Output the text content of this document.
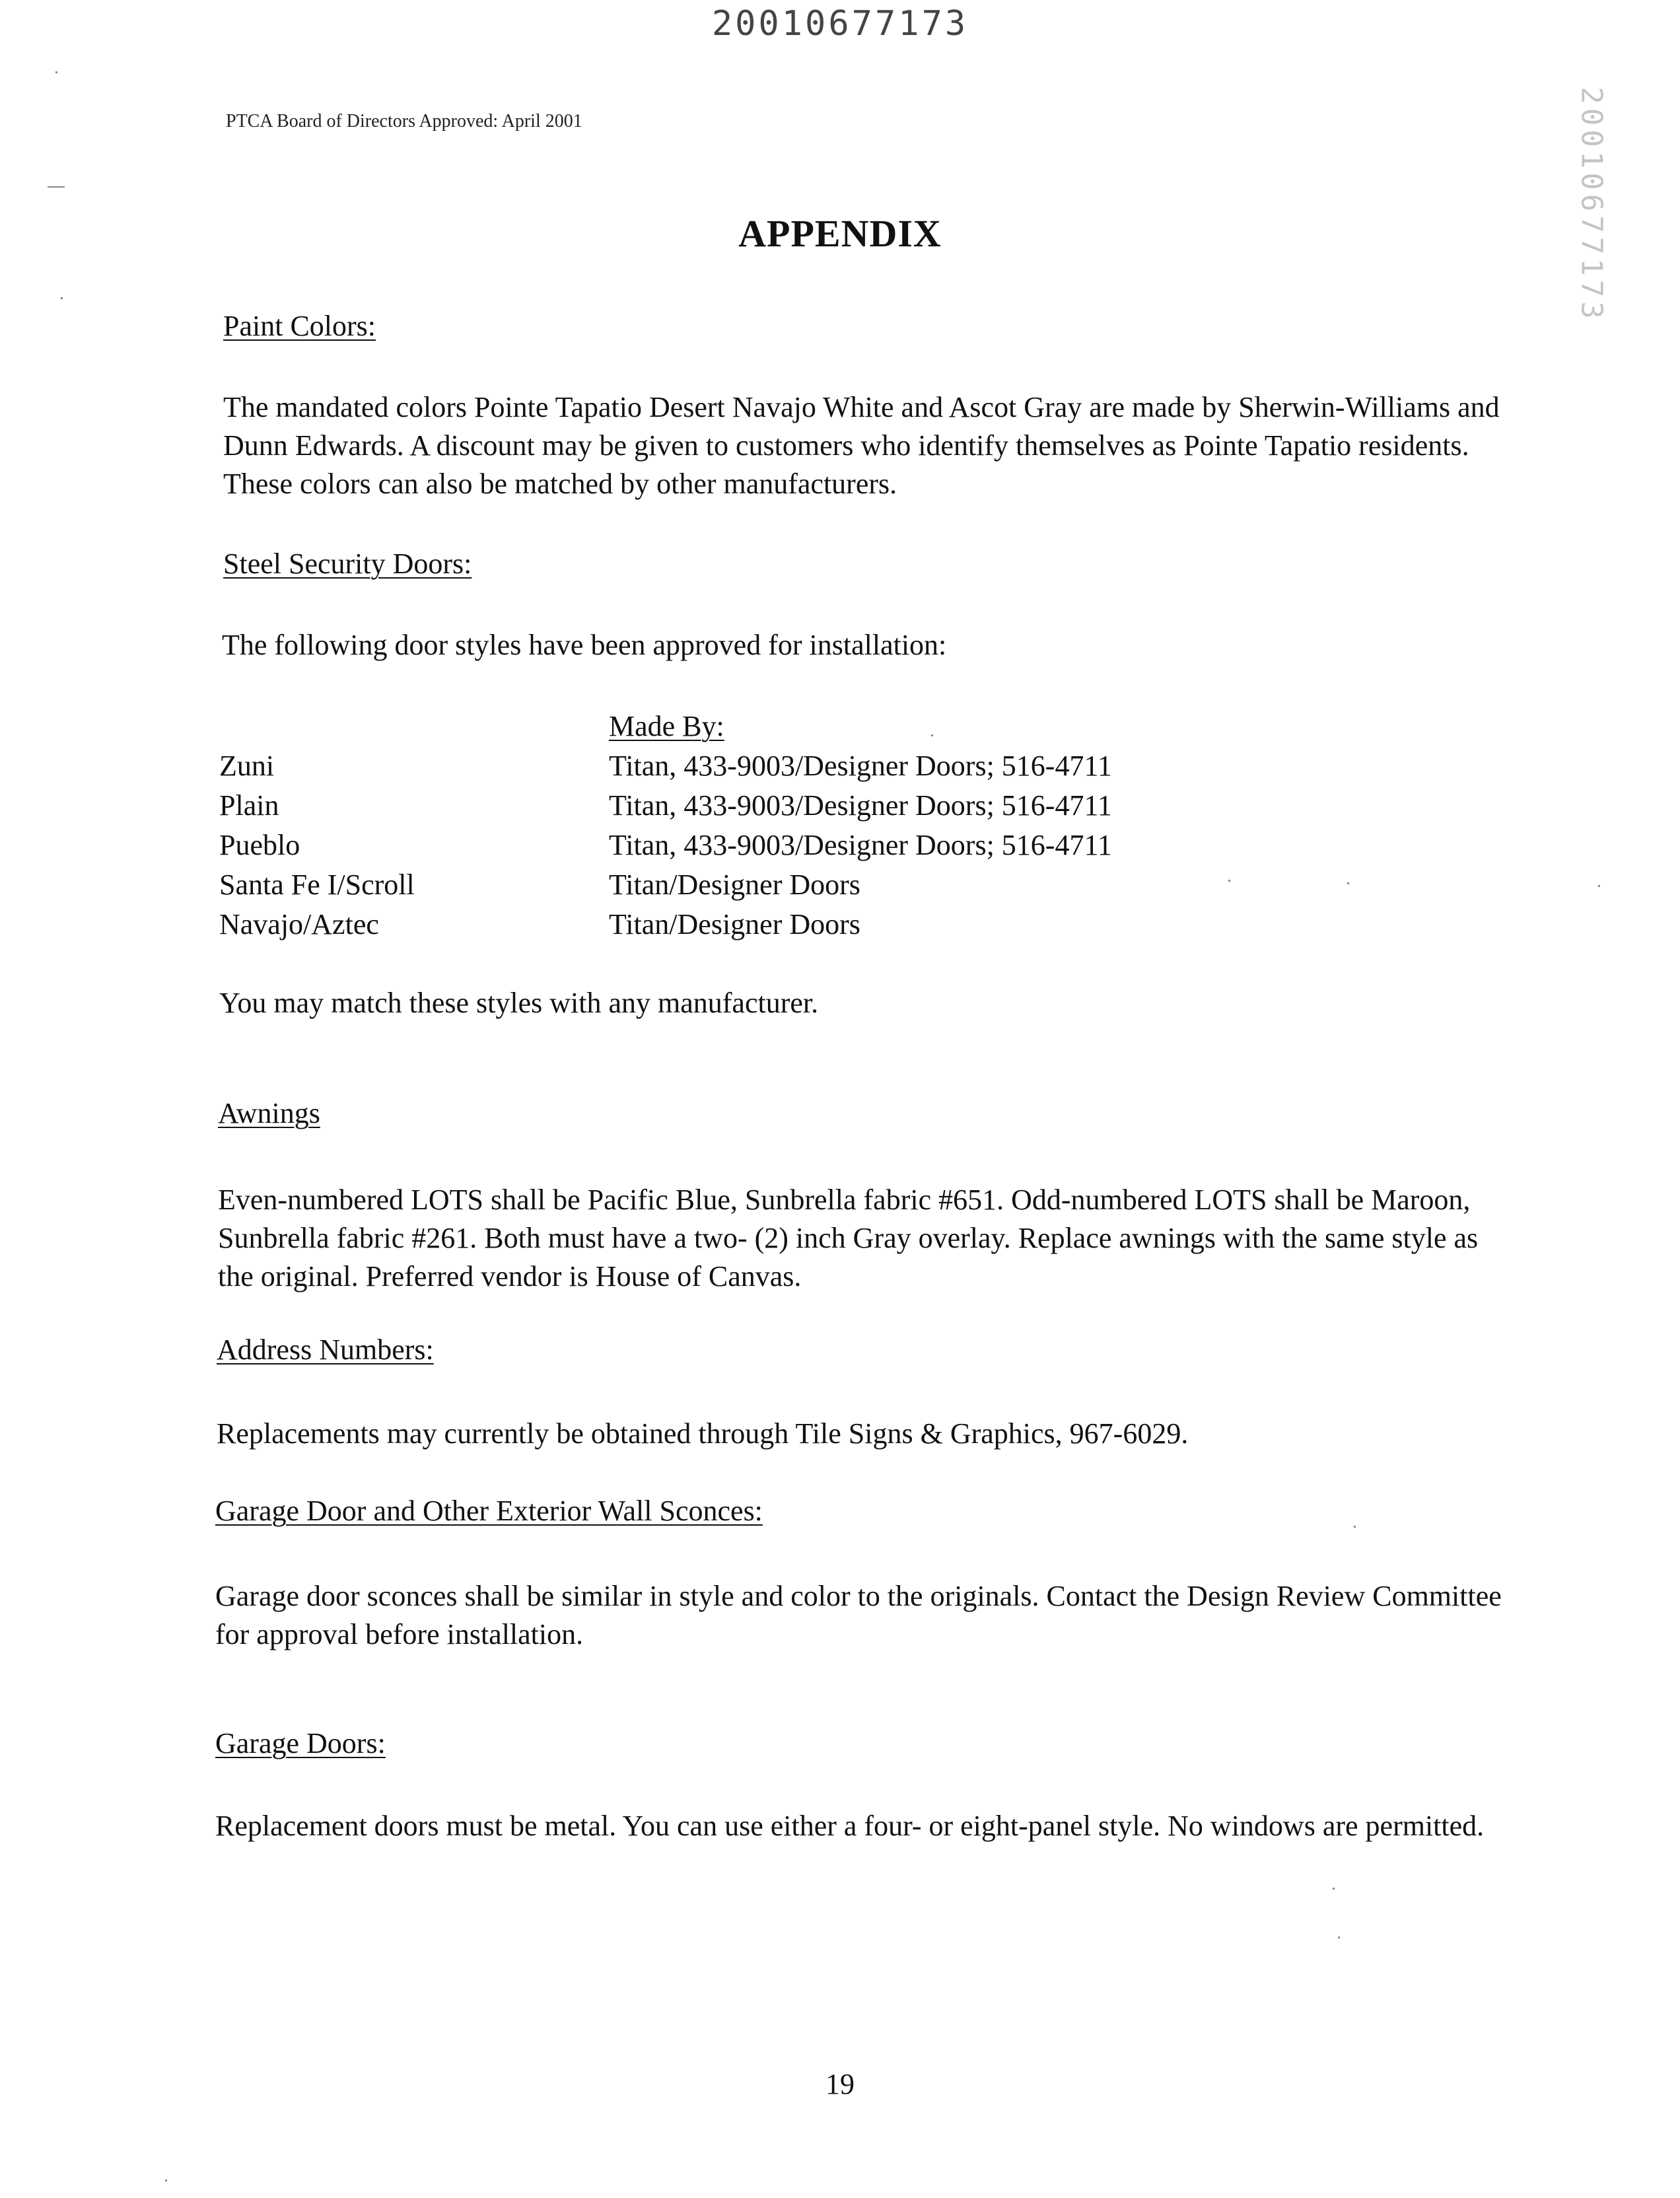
20010677173
PTCA Board of Directors Approved: April 2001	20010677173
APPENDIX
Paint Colors:
The mandated colors Pointe Tapatio Desert Navajo White and Ascot Gray are made by Sherwin-Williams and Dunn Edwards. A discount may be given to customers who identify themselves as Pointe Tapatio residents. These colors can also be matched by other manufacturers.
Steel Security Doors:
The following door styles have been approved for installation:
Made By:
Zuni	Titan, 433-9003/Designer Doors; 516-4711
Plain	Titan, 433-9003/Designer Doors; 516-4711
Pueblo	Titan, 433-9003/Designer Doors; 516-4711
Santa Fe I/Scroll	Titan/Designer Doors
Navajo/Aztec	Titan/Designer Doors
You may match these styles with any manufacturer.
Awnings
Even-numbered LOTS shall be Pacific Blue, Sunbrella fabric #651. Odd-numbered LOTS shall be Maroon, Sunbrella fabric #261. Both must have a two- (2) inch Gray overlay. Replace awnings with the same style as the original. Preferred vendor is House of Canvas.
Address Numbers:
Replacements may currently be obtained through Tile Signs & Graphics, 967-6029.
Garage Door and Other Exterior Wall Sconces:
Garage door sconces shall be similar in style and color to the originals. Contact the Design Review Committee for approval before installation.
Garage Doors:
Replacement doors must be metal. You can use either a four- or eight-panel style. No windows are permitted.
19
